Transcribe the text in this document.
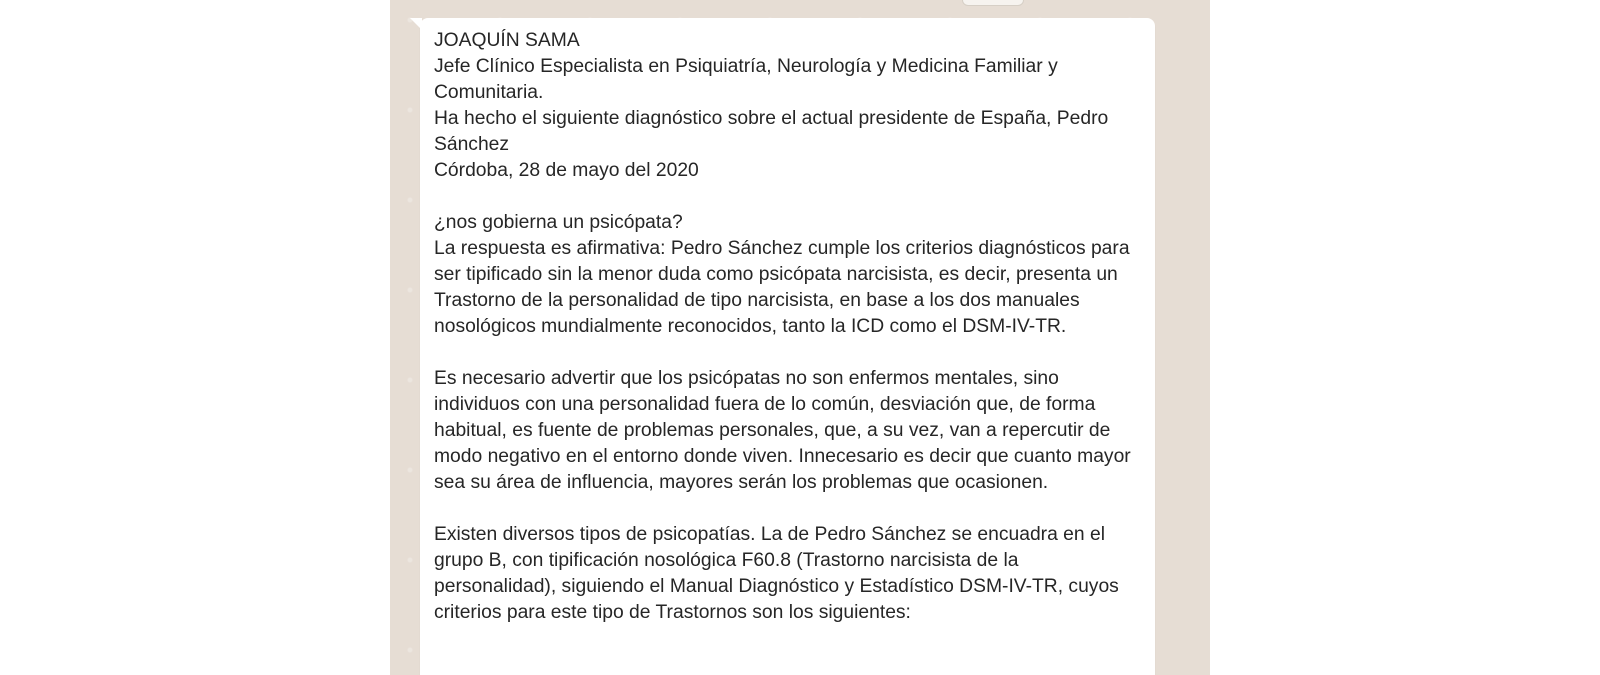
JOAQUÍN SAMA

Jefe Clínico Especialista en Psiquiatría, Neurología y Medicina Familiar y Comunitaria.

Ha hecho el siguiente diagnóstico sobre el actual presidente de España, Pedro Sánchez

Córdoba, 28 de mayo del 2020

¿nos gobierna un psicópata?

La respuesta es afirmativa: Pedro Sánchez cumple los criterios diagnósticos para ser tipificado sin la menor duda como psicópata narcisista, es decir, presenta un Trastorno de la personalidad de tipo narcisista, en base a los dos manuales nosológicos mundialmente reconocidos, tanto la ICD como el DSM-IV-TR.

Es necesario advertir que los psicópatas no son enfermos mentales, sino individuos con una personalidad fuera de lo común, desviación que, de forma habitual, es fuente de problemas personales, que, a su vez, van a repercutir de modo negativo en el entorno donde viven. Innecesario es decir que cuanto mayor sea su área de influencia, mayores serán los problemas que ocasionen.

Existen diversos tipos de psicopatías. La de Pedro Sánchez se encuadra en el grupo B, con tipificación nosológica F60.8 (Trastorno narcisista de la personalidad), siguiendo el Manual Diagnóstico y Estadístico DSM-IV-TR, cuyos criterios para este tipo de Trastornos son los siguientes:
